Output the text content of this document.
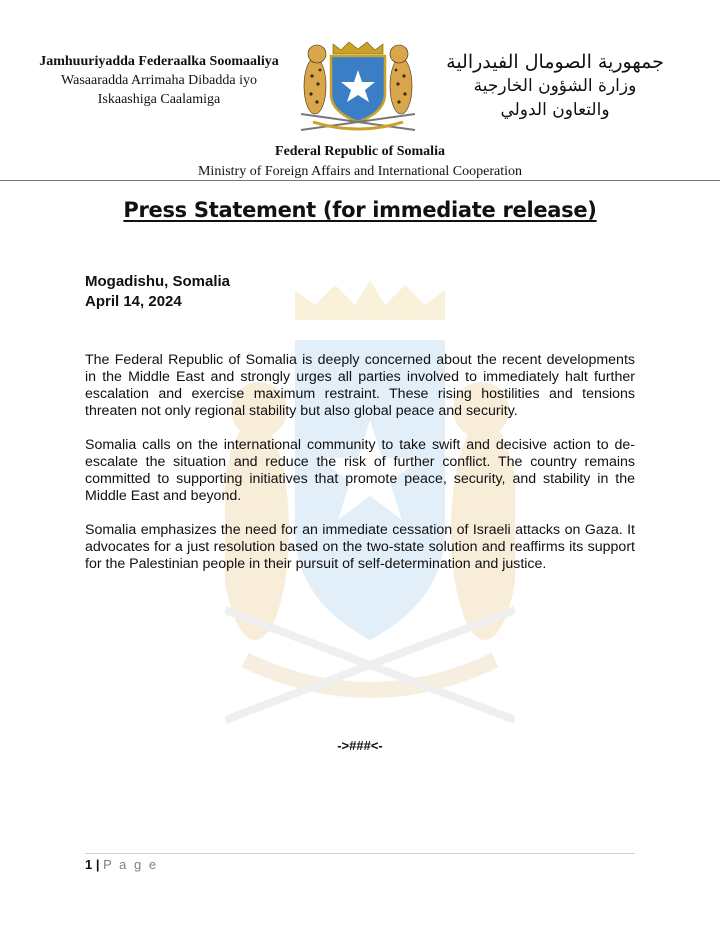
Jamhuuriyadda Federaalka Soomaaliya
Wasaaradda Arrimaha Dibadda iyo
Iskaashiga Caalamiga
جمهورية الصومال الفيدرالية
وزارة الشؤون الخارجية
والتعاون الدولي
Federal Republic of Somalia
Ministry of Foreign Affairs and International Cooperation
Press Statement (for immediate release)
Mogadishu, Somalia
April 14, 2024

The Federal Republic of Somalia is deeply concerned about the recent developments in the Middle East and strongly urges all parties involved to immediately halt further escalation and exercise maximum restraint. These rising hostilities and tensions threaten not only regional stability but also global peace and security.

Somalia calls on the international community to take swift and decisive action to de-escalate the situation and reduce the risk of further conflict. The country remains committed to supporting initiatives that promote peace, security, and stability in the Middle East and beyond.

Somalia emphasizes the need for an immediate cessation of Israeli attacks on Gaza. It advocates for a just resolution based on the two-state solution and reaffirms its support for the Palestinian people in their pursuit of self-determination and justice.

->###<-
1 | P a g e
